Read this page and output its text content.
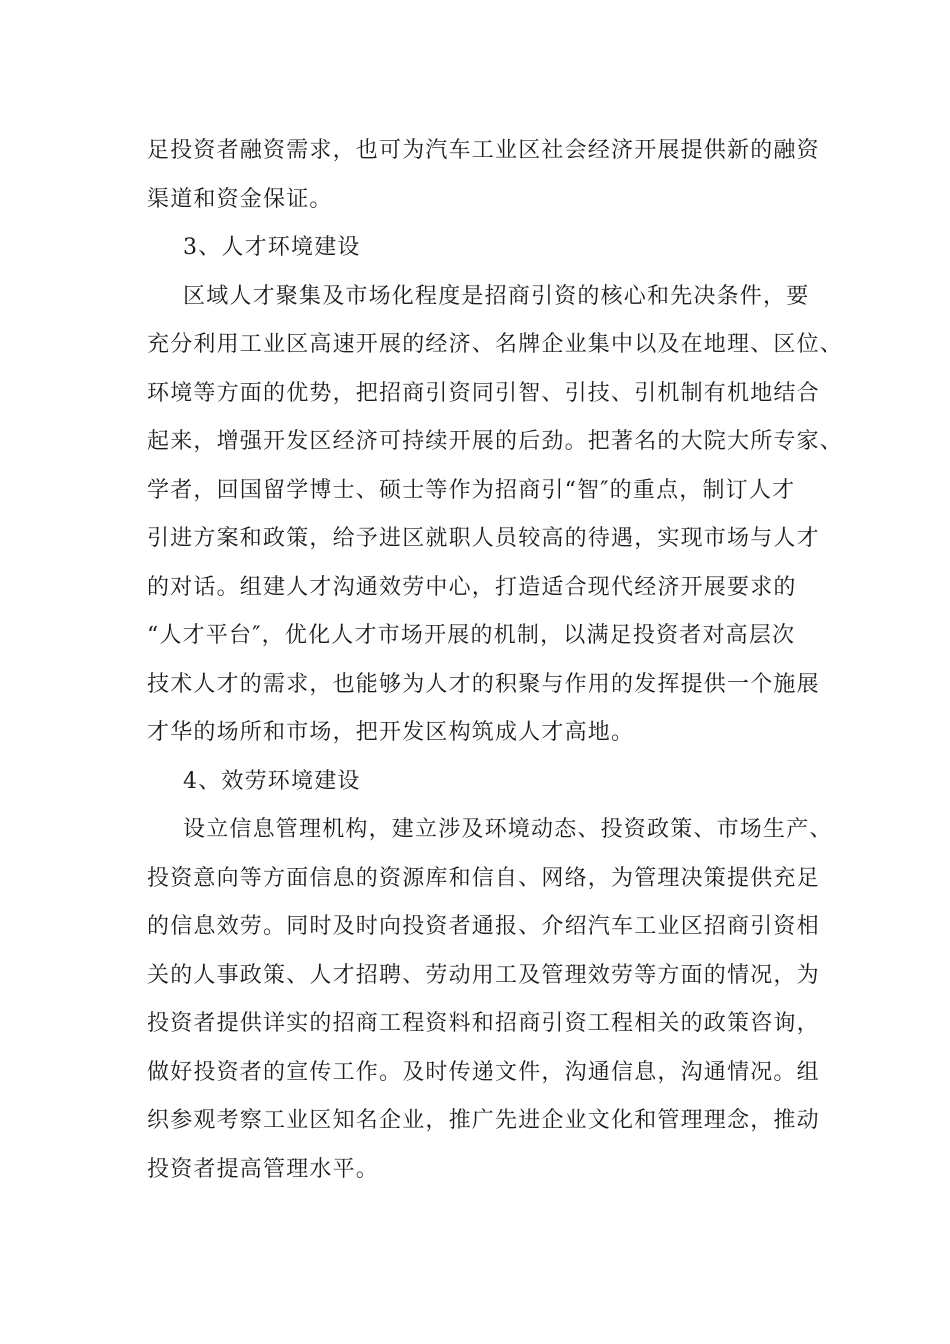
足投资者融资需求，也可为汽车工业区社会经济开展提供新的融资
渠道和资金保证。
3、人才环境建设
区域人才聚集及市场化程度是招商引资的核心和先决条件，要
充分利用工业区高速开展的经济、名牌企业集中以及在地理、区位、
环境等方面的优势，把招商引资同引智、引技、引机制有机地结合
起来，增强开发区经济可持续开展的后劲。把著名的大院大所专家、
学者，回国留学博士、硕士等作为招商引“智″的重点，制订人才
引进方案和政策，给予进区就职人员较高的待遇，实现市场与人才
的对话。组建人才沟通效劳中心，打造适合现代经济开展要求的
“人才平台″，优化人才市场开展的机制，以满足投资者对高层次
技术人才的需求，也能够为人才的积聚与作用的发挥提供一个施展
才华的场所和市场，把开发区构筑成人才高地。
4、效劳环境建设
设立信息管理机构，建立涉及环境动态、投资政策、市场生产、
投资意向等方面信息的资源库和信自、网络，为管理决策提供充足
的信息效劳。同时及时向投资者通报、介绍汽车工业区招商引资相
关的人事政策、人才招聘、劳动用工及管理效劳等方面的情况，为
投资者提供详实的招商工程资料和招商引资工程相关的政策咨询，
做好投资者的宣传工作。及时传递文件，沟通信息，沟通情况。组
织参观考察工业区知名企业，推广先进企业文化和管理理念，推动
投资者提高管理水平。
